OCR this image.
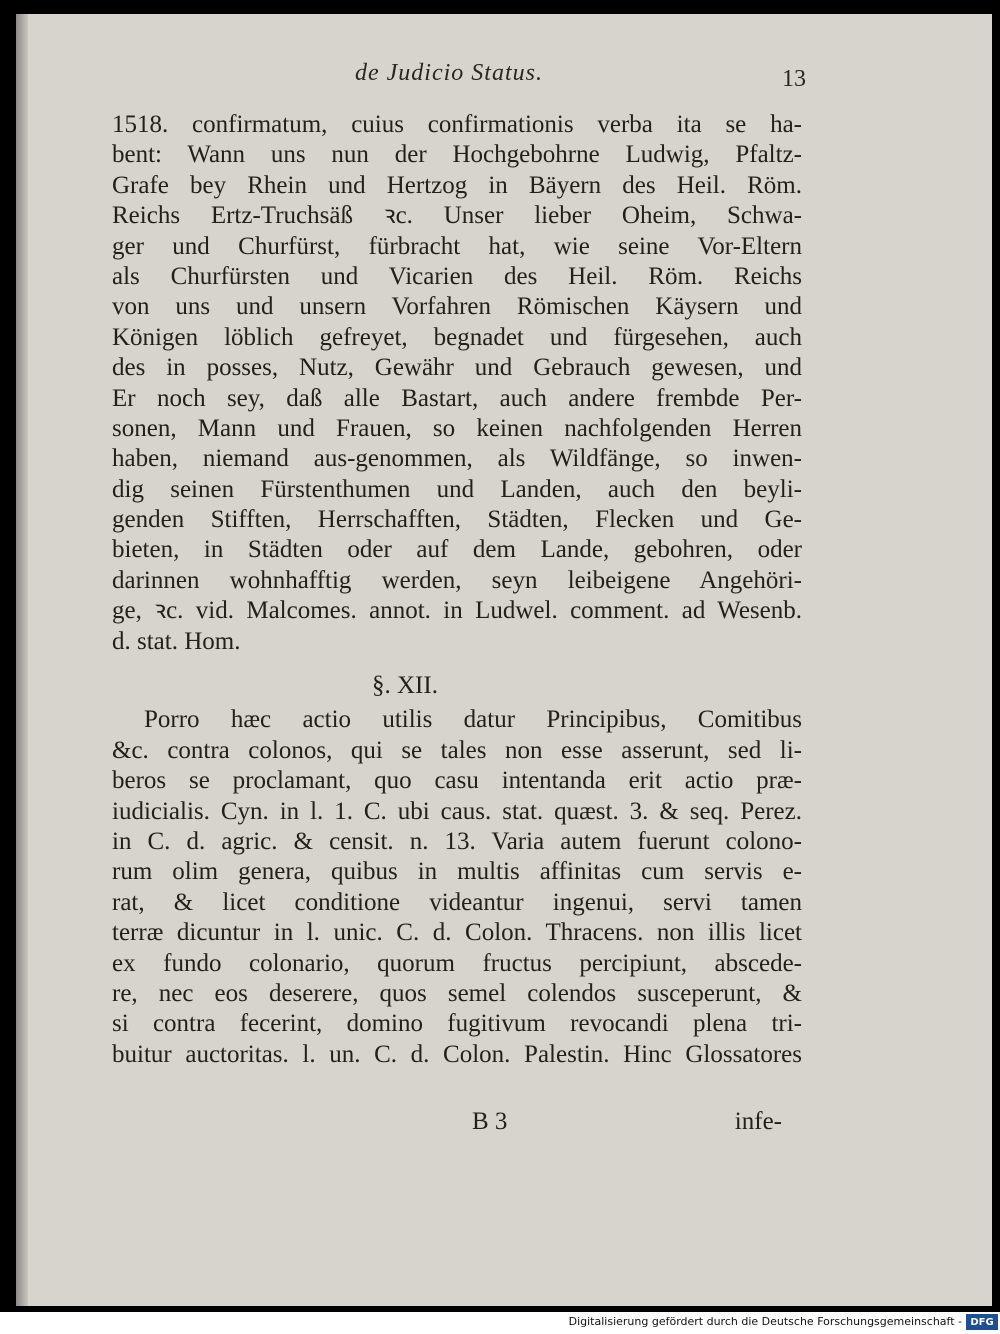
de Judicio Status.	13
1518. confirmatum, cuius confirmationis verba ita se ha-
bent: Wann uns nun der Hochgebohrne Ludwig, Pfaltz-
Grafe bey Rhein und Hertzog in Bäyern des Heil. Röm.
Reichs Ertz-Truchsäß ꝛc. Unser lieber Oheim, Schwa-
ger und Churfürst, fürbracht hat, wie seine Vor-Eltern
als Churfürsten und Vicarien des Heil. Röm. Reichs
von uns und unsern Vorfahren Römischen Käysern und
Königen löblich gefreyet, begnadet und fürgesehen, auch
des in posses, Nutz, Gewähr und Gebrauch gewesen, und
Er noch sey, daß alle Bastart, auch andere frembde Per-
sonen, Mann und Frauen, so keinen nachfolgenden Herren
haben, niemand aus-genommen, als Wildfänge, so inwen-
dig seinen Fürstenthumen und Landen, auch den beyli-
genden Stifften, Herrschafften, Städten, Flecken und Ge-
bieten, in Städten oder auf dem Lande, gebohren, oder
darinnen wohnhafftig werden, seyn leibeigene Angehöri-
ge, ꝛc. vid. Malcomes. annot. in Ludwel. comment. ad Wesenb.
d. stat. Hom.
§. XII.
Porro hæc actio utilis datur Principibus, Comitibus
&c. contra colonos, qui se tales non esse asserunt, sed li-
beros se proclamant, quo casu intentanda erit actio præ-
iudicialis. Cyn. in l. 1. C. ubi caus. stat. quæst. 3. & seq. Perez.
in C. d. agric. & censit. n. 13. Varia autem fuerunt colono-
rum olim genera, quibus in multis affinitas cum servis e-
rat, & licet conditione videantur ingenui, servi tamen
terræ dicuntur in l. unic. C. d. Colon. Thracens. non illis licet
ex fundo colonario, quorum fructus percipiunt, abscede-
re, nec eos deserere, quos semel colendos susceperunt, &
si contra fecerint, domino fugitivum revocandi plena tri-
buitur auctoritas. l. un. C. d. Colon. Palestin. Hinc Glossatores
B 3	infe-
Digitalisierung gefördert durch die Deutsche Forschungsgemeinschaft - DFG
